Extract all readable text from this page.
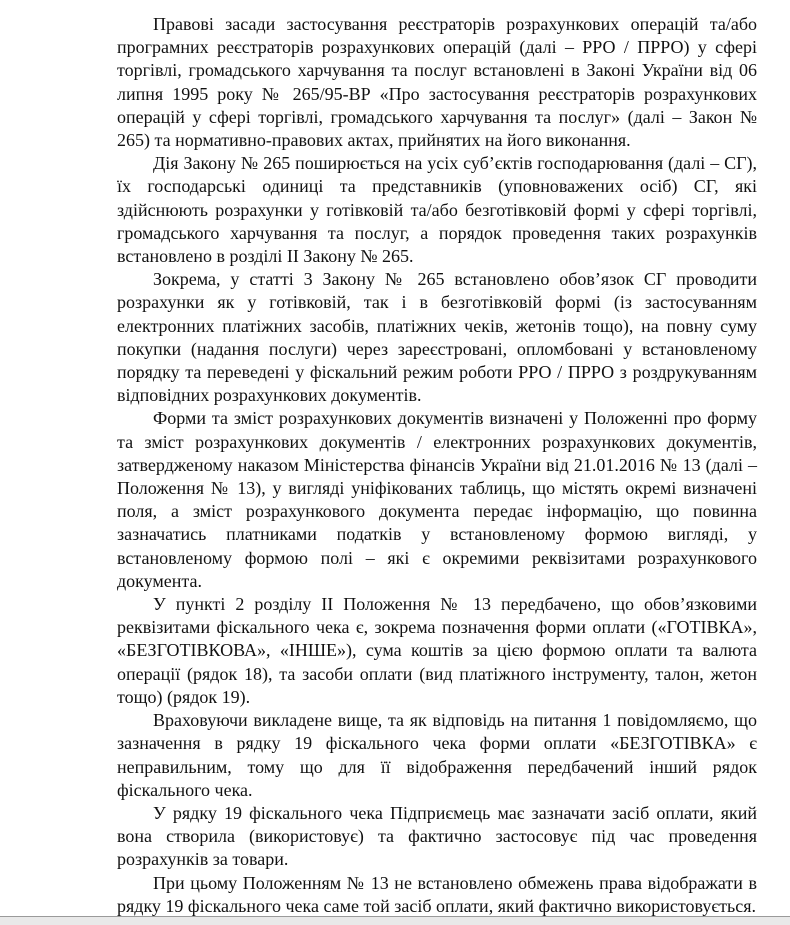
Правові засади застосування реєстраторів розрахункових операцій та/або програмних реєстраторів розрахункових операцій (далі – РРО / ПРРО) у сфері торгівлі, громадського харчування та послуг встановлені в Законі України від 06 липня 1995 року № 265/95-ВР «Про застосування реєстраторів розрахункових операцій у сфері торгівлі, громадського харчування та послуг» (далі – Закон № 265) та нормативно-правових актах, прийнятих на його виконання.

Дія Закону № 265 поширюється на усіх суб’єктів господарювання (далі – СГ), їх господарські одиниці та представників (уповноважених осіб) СГ, які здійснюють розрахунки у готівковій та/або безготівковій формі у сфері торгівлі, громадського харчування та послуг, а порядок проведення таких розрахунків встановлено в розділі ІІ Закону № 265.

Зокрема, у статті 3 Закону № 265 встановлено обов’язок СГ проводити розрахунки як у готівковій, так і в безготівковій формі (із застосуванням електронних платіжних засобів, платіжних чеків, жетонів тощо), на повну суму покупки (надання послуги) через зареєстровані, опломбовані у встановленому порядку та переведені у фіскальний режим роботи РРО / ПРРО з роздрукуванням відповідних розрахункових документів.

Форми та зміст розрахункових документів визначені у Положенні про форму та зміст розрахункових документів / електронних розрахункових документів, затвердженому наказом Міністерства фінансів України від 21.01.2016 № 13 (далі – Положення № 13), у вигляді уніфікованих таблиць, що містять окремі визначені поля, а зміст розрахункового документа передає інформацію, що повинна зазначатись платниками податків у встановленому формою вигляді, у встановленому формою полі – які є окремими реквізитами розрахункового документа.

У пункті 2 розділу ІІ Положення № 13 передбачено, що обов’язковими реквізитами фіскального чека є, зокрема позначення форми оплати («ГОТІВКА», «БЕЗГОТІВКОВА», «ІНШЕ»), сума коштів за цією формою оплати та валюта операції (рядок 18), та засоби оплати (вид платіжного інструменту, талон, жетон тощо) (рядок 19).

Враховуючи викладене вище, та як відповідь на питання 1 повідомляємо, що зазначення в рядку 19 фіскального чека форми оплати «БЕЗГОТІВКА» є неправильним, тому що для її відображення передбачений інший рядок фіскального чека.

У рядку 19 фіскального чека Підприємець має зазначати засіб оплати, який вона створила (використовує) та фактично застосовує під час проведення розрахунків за товари.

При цьому Положенням № 13 не встановлено обмежень права відображати в рядку 19 фіскального чека саме той засіб оплати, який фактично використовується.
